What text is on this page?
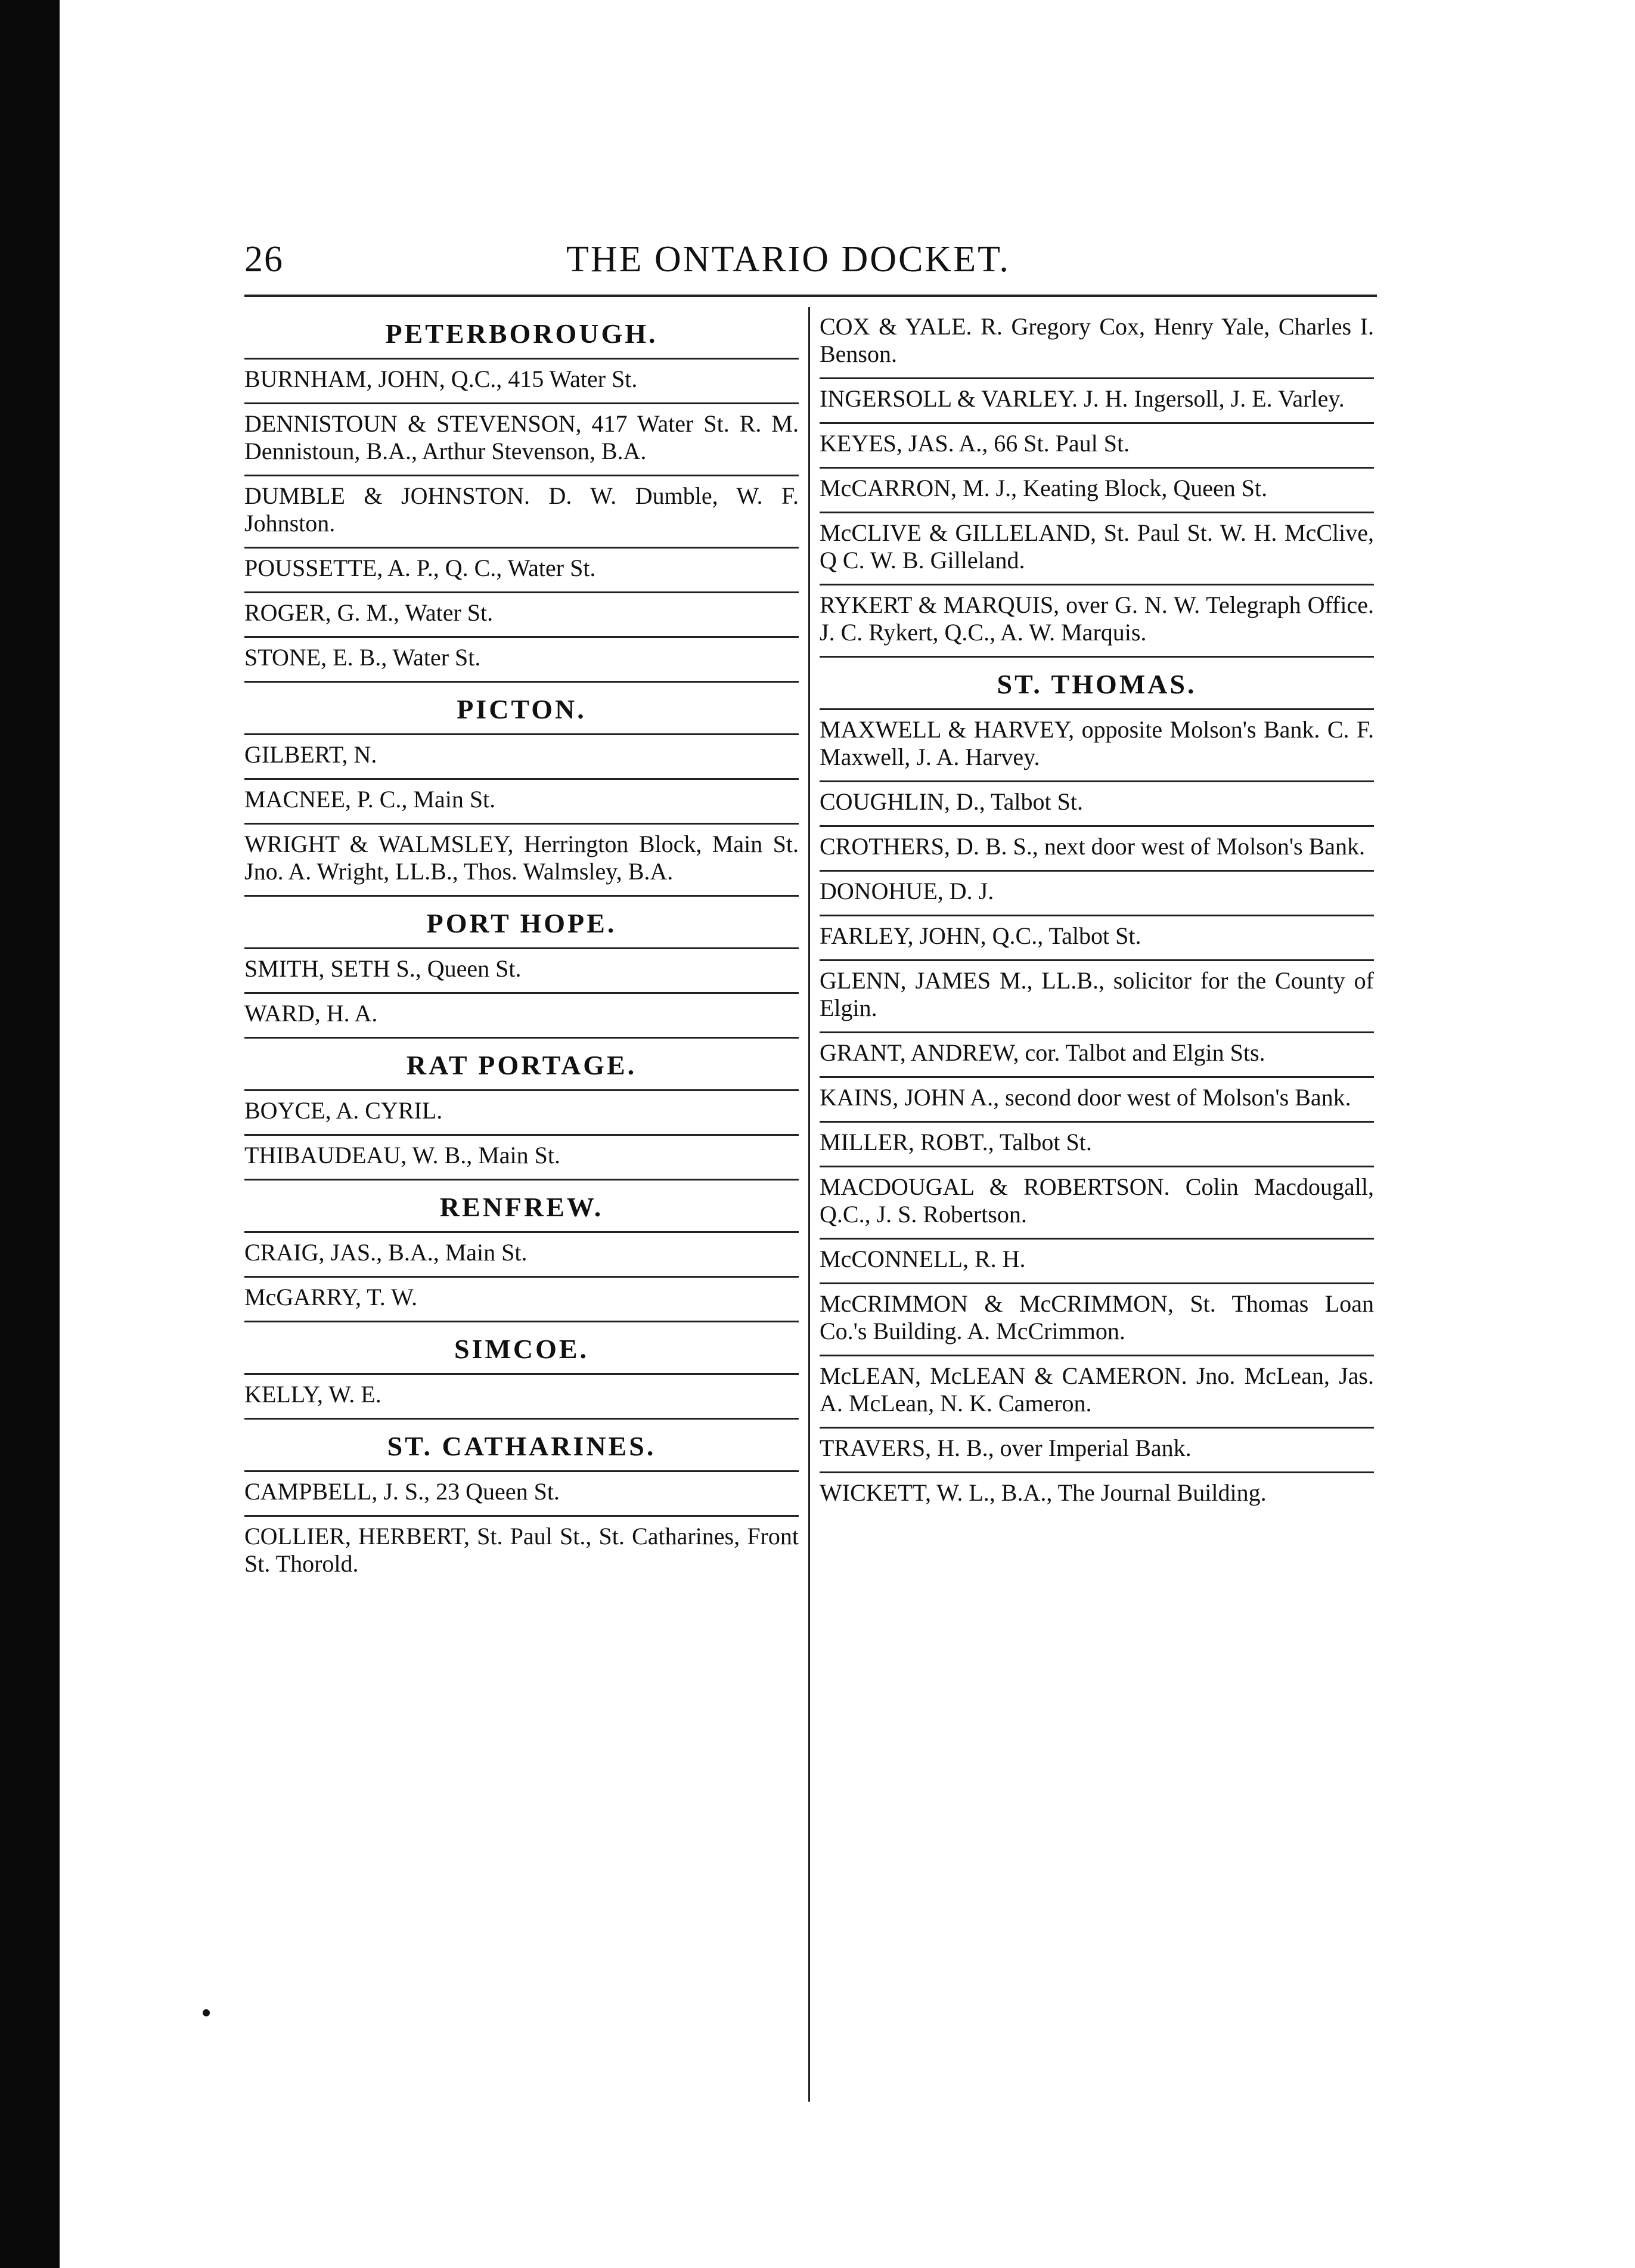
26	THE ONTARIO DOCKET.
PETERBOROUGH.
BURNHAM, JOHN, Q.C., 415 Water St.
DENNISTOUN & STEVENSON, 417 Water St. R. M. Dennistoun, B.A., Arthur Stevenson, B.A.
DUMBLE & JOHNSTON. D. W. Dumble, W. F. Johnston.
POUSSETTE, A. P., Q. C., Water St.
ROGER, G. M., Water St.
STONE, E. B., Water St.
PICTON.
GILBERT, N.
MACNEE, P. C., Main St.
WRIGHT & WALMSLEY, Herrington Block, Main St. Jno. A. Wright, LL.B., Thos. Walmsley, B.A.
PORT HOPE.
SMITH, SETH S., Queen St.
WARD, H. A.
RAT PORTAGE.
BOYCE, A. CYRIL.
THIBAUDEAU, W. B., Main St.
RENFREW.
CRAIG, JAS., B.A., Main St.
McGARRY, T. W.
SIMCOE.
KELLY, W. E.
ST. CATHARINES.
CAMPBELL, J. S., 23 Queen St.
COLLIER, HERBERT, St. Paul St., St. Catharines, Front St. Thorold.
COX & YALE. R. Gregory Cox, Henry Yale, Charles I. Benson.
INGERSOLL & VARLEY. J. H. Ingersoll, J. E. Varley.
KEYES, JAS. A., 66 St. Paul St.
McCARRON, M. J., Keating Block, Queen St.
McCLIVE & GILLELAND, St. Paul St. W. H. McClive, Q C. W. B. Gilleland.
RYKERT & MARQUIS, over G. N. W. Telegraph Office. J. C. Rykert, Q.C., A. W. Marquis.
ST. THOMAS.
MAXWELL & HARVEY, opposite Molson's Bank. C. F. Maxwell, J. A. Harvey.
COUGHLIN, D., Talbot St.
CROTHERS, D. B. S., next door west of Molson's Bank.
DONOHUE, D. J.
FARLEY, JOHN, Q.C., Talbot St.
GLENN, JAMES M., LL.B., solicitor for the County of Elgin.
GRANT, ANDREW, cor. Talbot and Elgin Sts.
KAINS, JOHN A., second door west of Molson's Bank.
MILLER, ROBT., Talbot St.
MACDOUGAL & ROBERTSON. Colin Macdougall, Q.C., J. S. Robertson.
McCONNELL, R. H.
McCRIMMON & McCRIMMON, St. Thomas Loan Co.'s Building. A. McCrimmon.
McLEAN, McLEAN & CAMERON. Jno. McLean, Jas. A. McLean, N. K. Cameron.
TRAVERS, H. B., over Imperial Bank.
WICKETT, W. L., B.A., The Journal Building.
